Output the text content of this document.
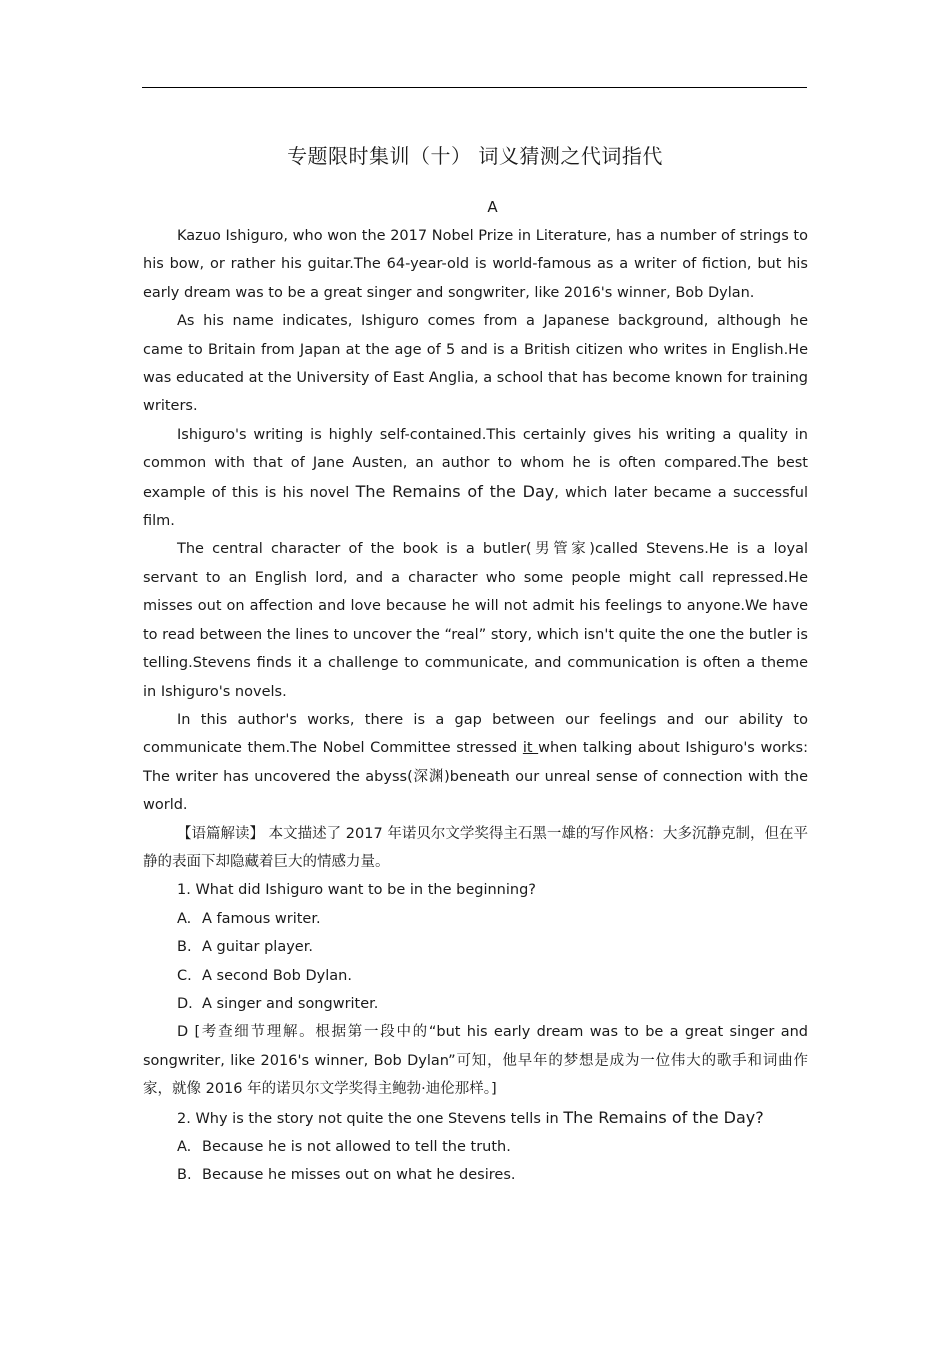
专题限时集训（十） 词义猜测之代词指代
A

Kazuo Ishiguro, who won the 2017 Nobel Prize in Literature, has a number of strings to his bow, or rather his guitar.The 64-year-old is world-famous as a writer of fiction, but his early dream was to be a great singer and songwriter, like 2016's winner, Bob Dylan.

As his name indicates, Ishiguro comes from a Japanese background, although he came to Britain from Japan at the age of 5 and is a British citizen who writes in English.He was educated at the University of East Anglia, a school that has become known for training writers.

Ishiguro's writing is highly self-contained.This certainly gives his writing a quality in common with that of Jane Austen, an author to whom he is often compared.The best example of this is his novel The Remains of the Day, which later became a successful film.

The central character of the book is a butler(男管家)called Stevens.He is a loyal servant to an English lord, and a character who some people might call repressed.He misses out on affection and love because he will not admit his feelings to anyone.We have to read between the lines to uncover the “real” story, which isn't quite the one the butler is telling.Stevens finds it a challenge to communicate, and communication is often a theme in Ishiguro's novels.

In this author's works, there is a gap between our feelings and our ability to communicate them.The Nobel Committee stressed it when talking about Ishiguro's works: The writer has uncovered the abyss(深渊)beneath our unreal sense of connection with the world.

【语篇解读】 本文描述了 2017 年诺贝尔文学奖得主石黑一雄的写作风格：大多沉静克制，但在平静的表面下却隐藏着巨大的情感力量。

1. What did Ishiguro want to be in the beginning?

A. A famous writer.

B. A guitar player.

C. A second Bob Dylan.

D. A singer and songwriter.

D [考查细节理解。根据第一段中的“but his early dream was to be a great singer and songwriter, like 2016's winner, Bob Dylan”可知，他早年的梦想是成为一位伟大的歌手和词曲作家，就像 2016 年的诺贝尔文学奖得主鲍勃·迪伦那样。]

2. Why is the story not quite the one Stevens tells in The Remains of the Day?

A. Because he is not allowed to tell the truth.

B. Because he misses out on what he desires.
